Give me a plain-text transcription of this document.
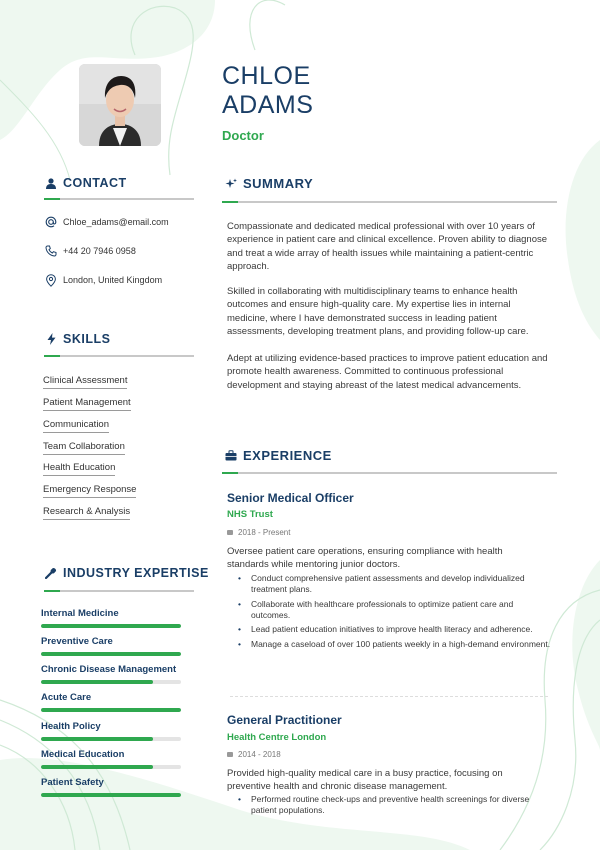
CHLOE
ADAMS
Doctor
CONTACT
Chloe_adams@email.com
+44 20 7946 0958
London, United Kingdom
SKILLS
Clinical Assessment
Patient Management
Communication
Team Collaboration
Health Education
Emergency Response
Research & Analysis
INDUSTRY EXPERTISE
Internal Medicine
Preventive Care
Chronic Disease Management
Acute Care
Health Policy
Medical Education
Patient Safety
SUMMARY

Compassionate and dedicated medical professional with over 10 years of experience in patient care and clinical excellence. Proven ability to diagnose and treat a wide array of health issues while maintaining a patient-centric approach.

Skilled in collaborating with multidisciplinary teams to enhance health outcomes and ensure high-quality care. My expertise lies in internal medicine, where I have demonstrated success in leading patient assessments, developing treatment plans, and providing follow-up care.

Adept at utilizing evidence-based practices to improve patient education and promote health awareness. Committed to continuous professional development and staying abreast of the latest medical advancements.

EXPERIENCE
Senior Medical Officer
NHS Trust
2018 - Present

Oversee patient care operations, ensuring compliance with health standards while mentoring junior doctors.

• Conduct comprehensive patient assessments and develop individualized treatment plans.
• Collaborate with healthcare professionals to optimize patient care and outcomes.
• Lead patient education initiatives to improve health literacy and adherence.
• Manage a caseload of over 100 patients weekly in a high-demand environment.
General Practitioner
Health Centre London
2014 - 2018

Provided high-quality medical care in a busy practice, focusing on preventive health and chronic disease management.

• Performed routine check-ups and preventive health screenings for diverse patient populations.
